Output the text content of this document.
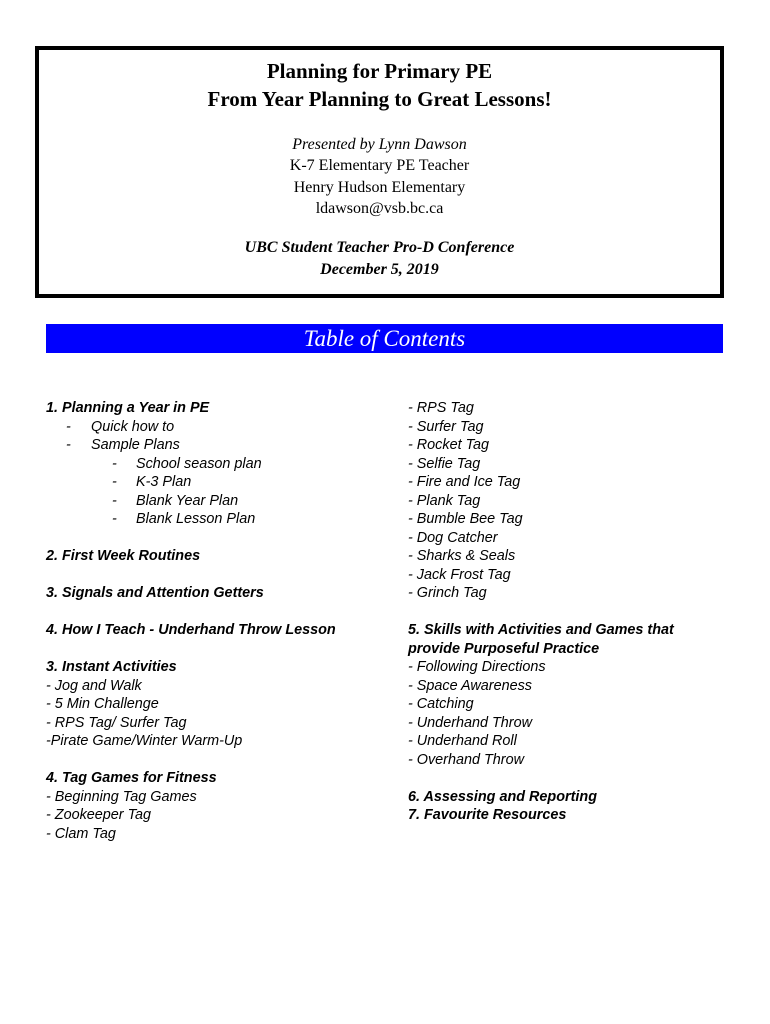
Planning for Primary PE
From Year Planning to Great Lessons!
Presented by Lynn Dawson
K-7 Elementary PE Teacher
Henry Hudson Elementary
ldawson@vsb.bc.ca
UBC Student Teacher Pro-D Conference
December 5, 2019
Table of Contents
1. Planning a Year in PE
- Quick how to
- Sample Plans
- School season plan
- K-3 Plan
- Blank Year Plan
- Blank Lesson Plan
2. First Week Routines
3. Signals and Attention Getters
4. How I Teach - Underhand Throw Lesson
3. Instant Activities
- Jog and Walk
- 5 Min Challenge
- RPS Tag/ Surfer Tag
-Pirate Game/Winter Warm-Up
4. Tag Games for Fitness
- Beginning Tag Games
- Zookeeper Tag
- Clam Tag
- RPS Tag
- Surfer Tag
- Rocket Tag
- Selfie Tag
- Fire and Ice Tag
- Plank Tag
- Bumble Bee Tag
- Dog Catcher
- Sharks & Seals
- Jack Frost Tag
- Grinch Tag
5. Skills with Activities and Games that
provide Purposeful Practice
- Following Directions
- Space Awareness
- Catching
- Underhand Throw
- Underhand Roll
- Overhand Throw
6. Assessing and Reporting
7. Favourite Resources
